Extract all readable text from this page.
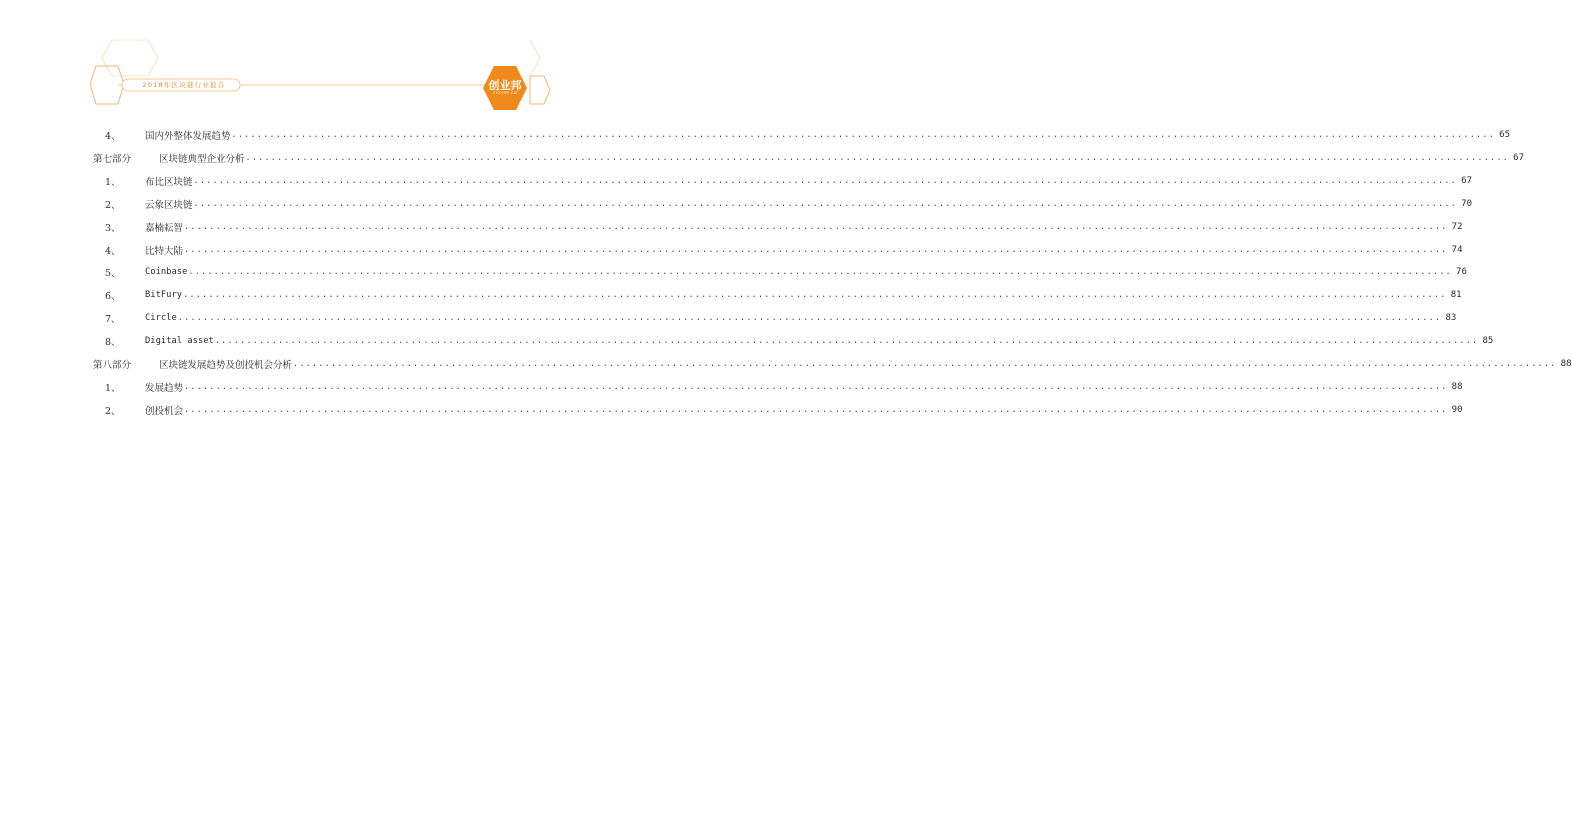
2018年区块链行业报告	创业邦
CYZONE.CN
4、	国内外整体发展趋势 ........................................................................................................................................................................................................ 65
第七部分	区块链典型企业分析 ........................................................................................................................................................................................................ 67
1、	布比区块链 ........................................................................................................................................................................................................ 67
2、	云象区块链 ........................................................................................................................................................................................................ 70
3、	嘉楠耘智 ........................................................................................................................................................................................................ 72
4、	比特大陆 ........................................................................................................................................................................................................ 74
5、	Coinbase ........................................................................................................................................................................................................ 76
6、	BitFury ........................................................................................................................................................................................................ 81
7、	Circle ........................................................................................................................................................................................................ 83
8、	Digital asset ........................................................................................................................................................................................................ 85
第八部分	区块链发展趋势及创投机会分析 ........................................................................................................................................................................................................ 88
1、	发展趋势 ........................................................................................................................................................................................................ 88
2、	创投机会 ........................................................................................................................................................................................................ 90
